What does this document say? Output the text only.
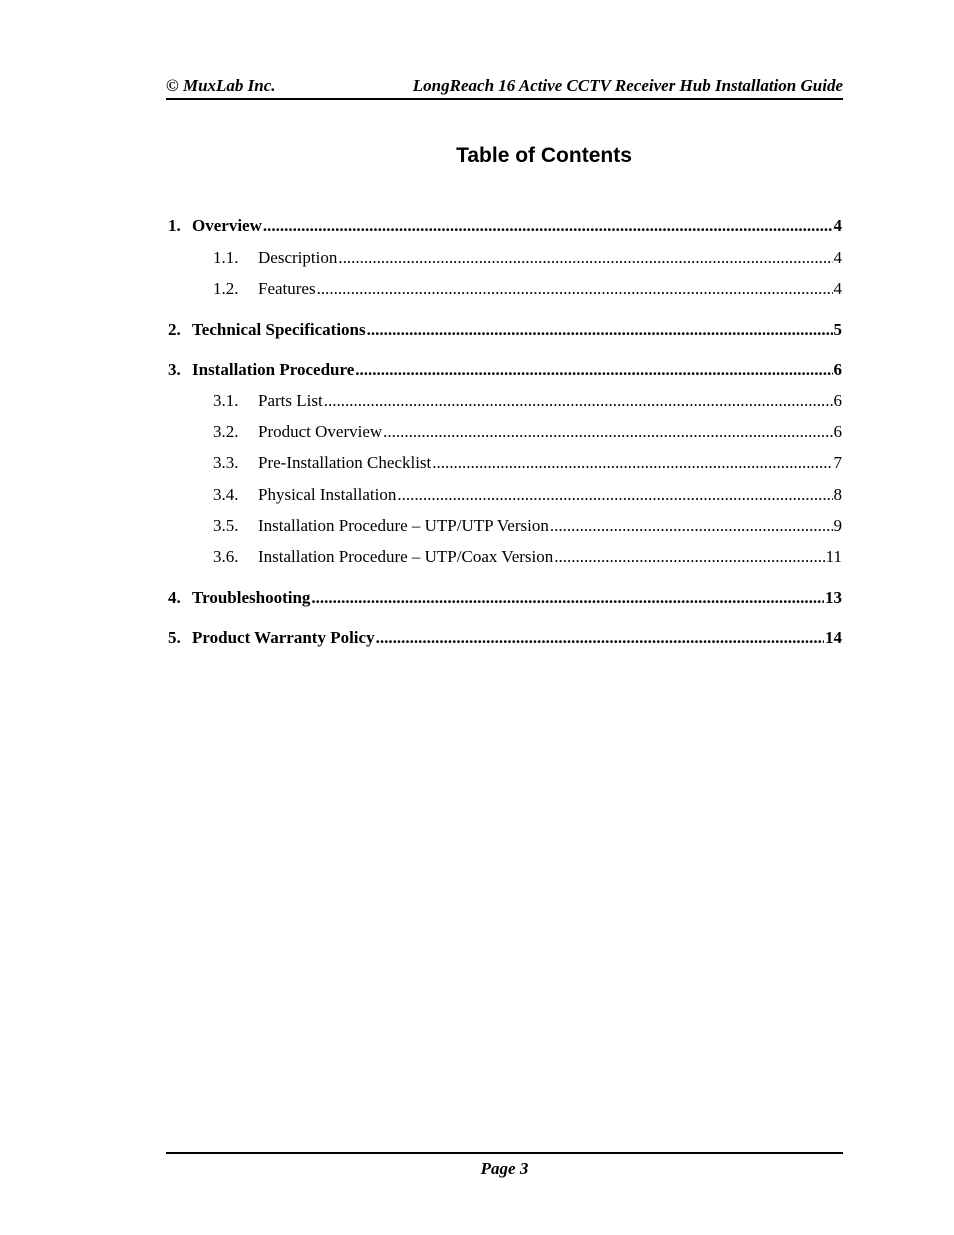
© MuxLab Inc.	LongReach 16 Active CCTV Receiver Hub Installation Guide
Table of Contents
1. Overview .....	4
1.1.	Description .....	4
1.2.	Features .....	4
2. Technical Specifications .....	5
3. Installation Procedure .....	6
3.1.	Parts List .....	6
3.2.	Product Overview .....	6
3.3.	Pre-Installation Checklist .....	7
3.4.	Physical Installation .....	8
3.5.	Installation Procedure – UTP/UTP Version .....	9
3.6.	Installation Procedure – UTP/Coax Version .....	11
4. Troubleshooting .....	13
5. Product Warranty Policy .....	14
Page 3
